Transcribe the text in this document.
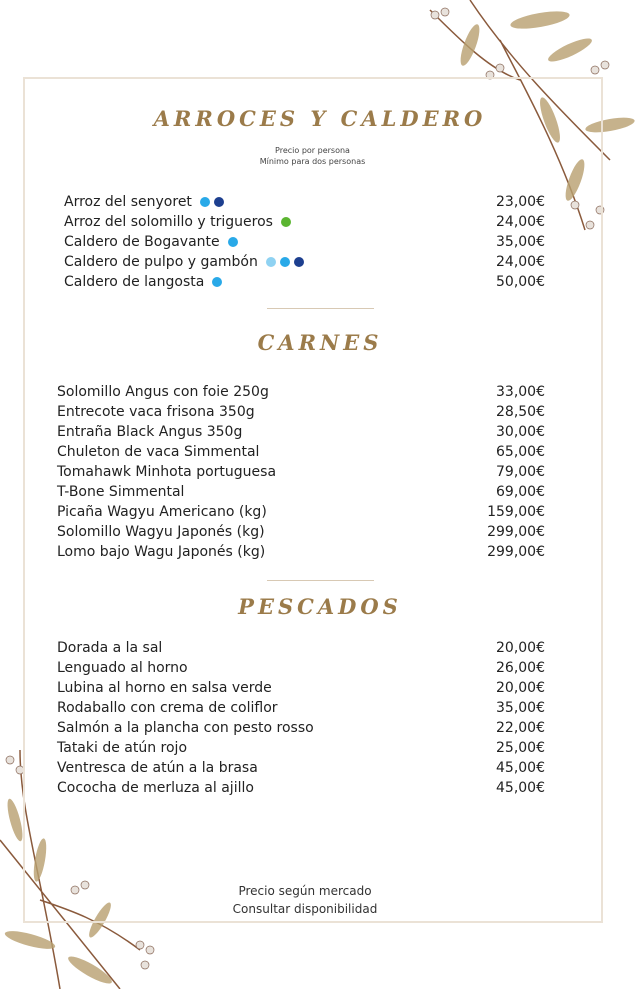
ARROCES Y CALDERO
Precio por persona
Mínimo para dos personas
Arroz del senyoret	23,00€
Arroz del solomillo y trigueros	24,00€
Caldero de Bogavante	35,00€
Caldero de pulpo y gambón	24,00€
Caldero de langosta	50,00€
CARNES
Solomillo Angus con foie 250g	33,00€
Entrecote vaca frisona 350g	28,50€
Entraña Black Angus 350g	30,00€
Chuleton de vaca Simmental	65,00€
Tomahawk Minhota portuguesa	79,00€
T-Bone Simmental	69,00€
Picaña Wagyu Americano (kg)	159,00€
Solomillo Wagyu Japonés (kg)	299,00€
Lomo bajo Wagu Japonés (kg)	299,00€
PESCADOS
Dorada a la sal	20,00€
Lenguado al horno	26,00€
Lubina al horno en salsa verde	20,00€
Rodaballo con crema de coliflor	35,00€
Salmón a la plancha con pesto rosso	22,00€
Tataki de atún rojo	25,00€
Ventresca de atún a la brasa	45,00€
Cococha de merluza al ajillo	45,00€
Precio según mercado
Consultar disponibilidad
